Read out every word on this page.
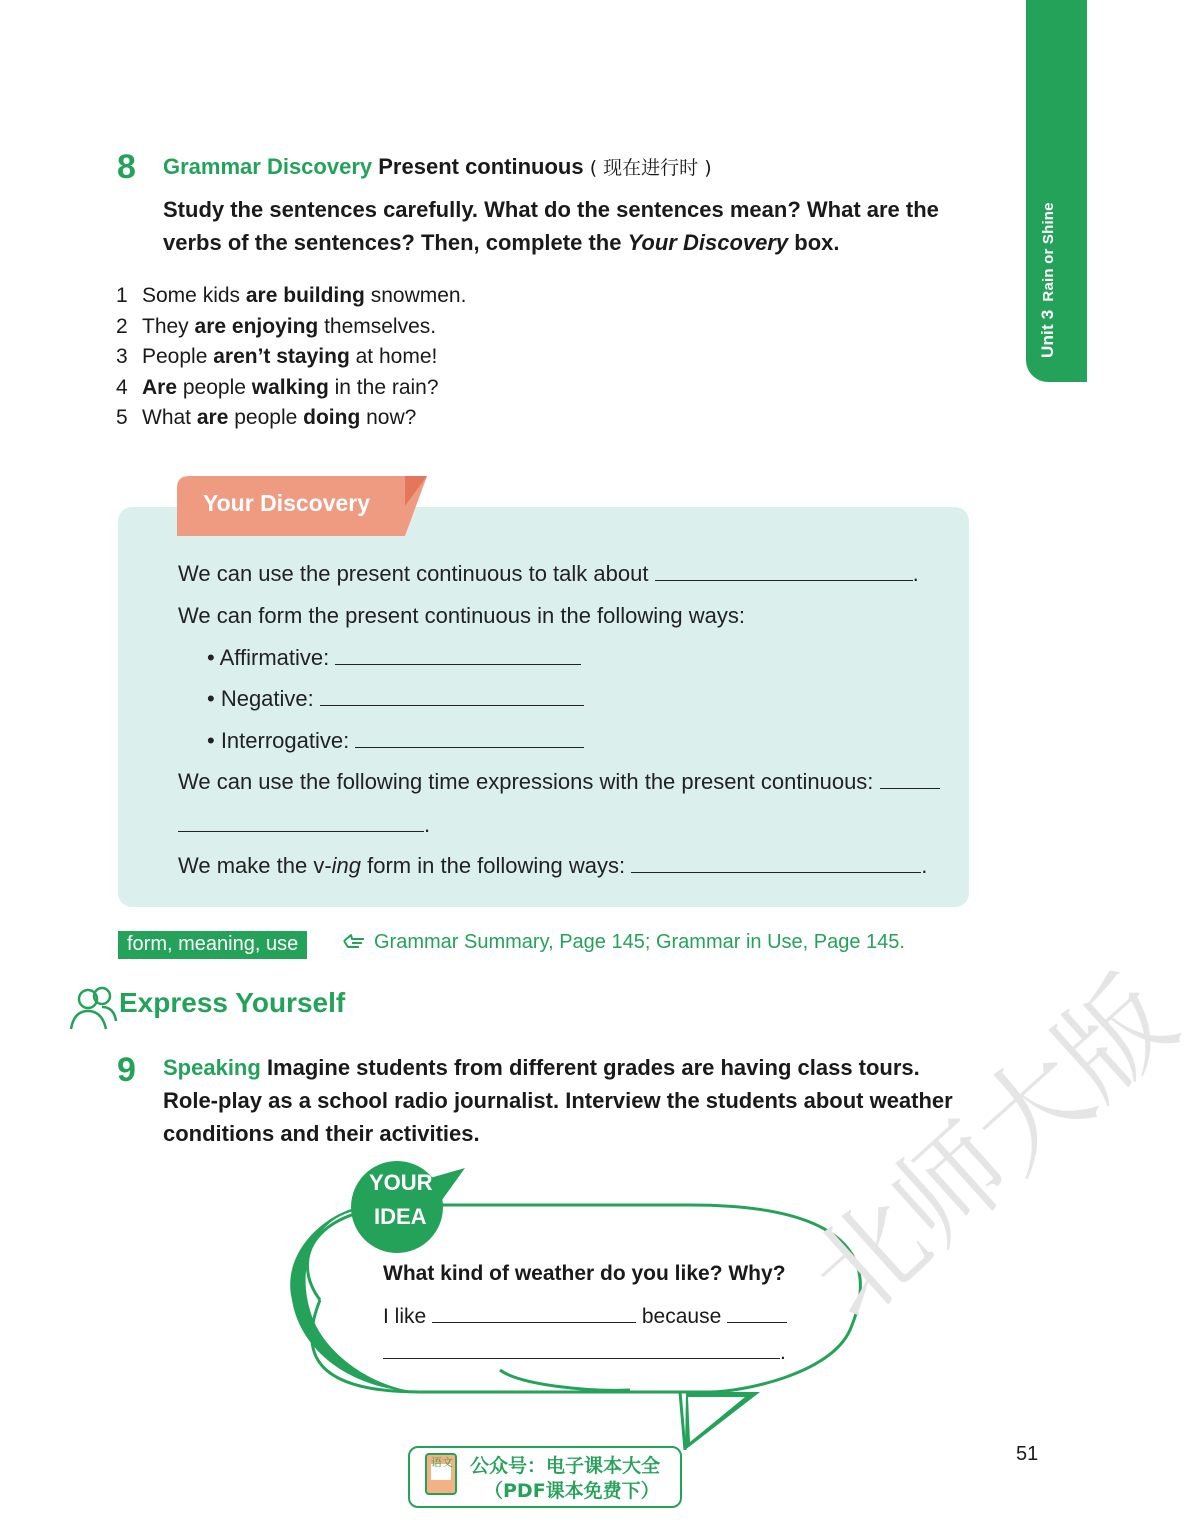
Unit 3Rain or Shine
8 Grammar Discovery Present continuous ( 现在进行时 )
Study the sentences carefully. What do the sentences mean? What are the
verbs of the sentences? Then, complete the Your Discovery box.
1 Some kids are building snowmen.
2 They are enjoying themselves.
3 People aren’t staying at home!
4 Are people walking in the rain?
5 What are people doing now?
Your Discovery
We can use the present continuous to talk about	.
We can form the present continuous in the following ways:
• Affirmative:
• Negative:
• Interrogative:
We can use the following time expressions with the present continuous:
.
We make the v-ing form in the following ways:	.
form, meaning, use	Grammar Summary, Page 145; Grammar in Use, Page 145.
Express Yourself
9 Speaking Imagine students from different grades are having class tours.
Role-play as a school radio journalist. Interview the students about weather
conditions and their activities.
YOUR
IDEA
What kind of weather do you like? Why?
I like	because
.
北师大版
语文 公众号：电子课本大全
（PDF课本免费下）
51
